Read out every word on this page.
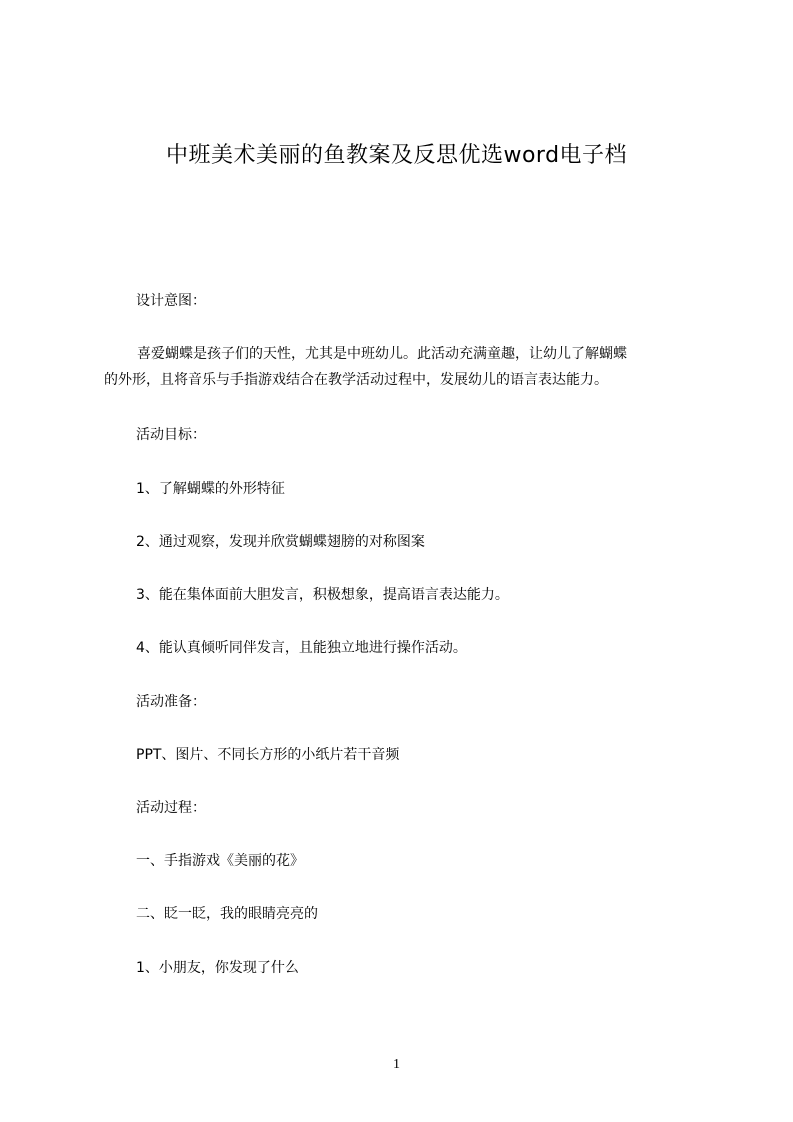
中班美术美丽的鱼教案及反思优选word电子档
设计意图：
喜爱蝴蝶是孩子们的天性，尤其是中班幼儿。此活动充满童趣，让幼儿了解蝴蝶
的外形，且将音乐与手指游戏结合在教学活动过程中，发展幼儿的语言表达能力。
活动目标：
1、了解蝴蝶的外形特征
2、通过观察，发现并欣赏蝴蝶翅膀的对称图案
3、能在集体面前大胆发言，积极想象，提高语言表达能力。
4、能认真倾听同伴发言，且能独立地进行操作活动。
活动准备：
PPT、图片、不同长方形的小纸片若干音频
活动过程：
一、手指游戏《美丽的花》
二、眨一眨，我的眼睛亮亮的
1、小朋友，你发现了什么
1
